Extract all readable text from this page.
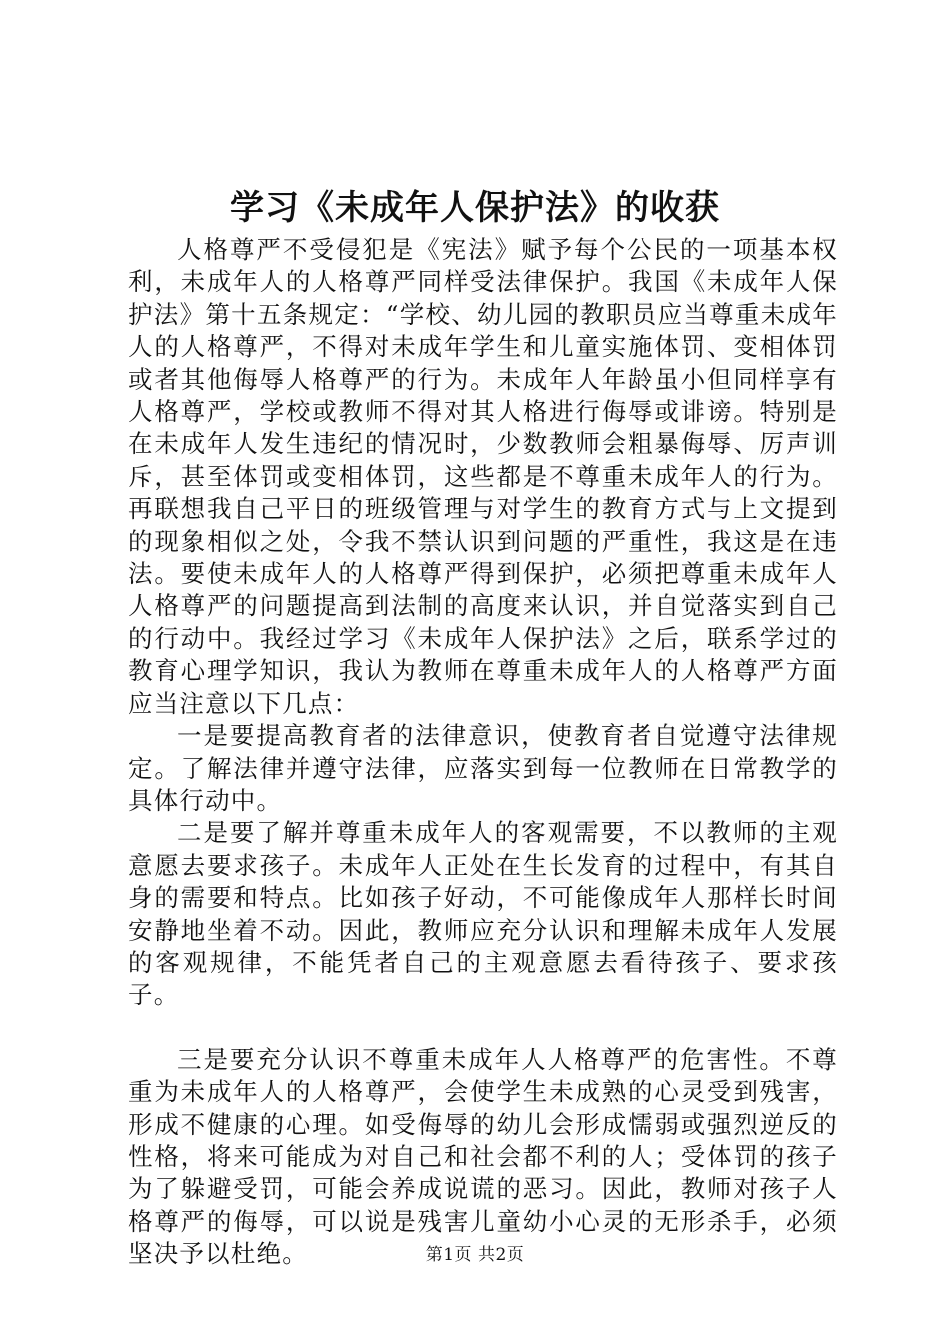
学习《未成年人保护法》的收获

人格尊严不受侵犯是《宪法》赋予每个公民的一项基本权利，未成年人的人格尊严同样受法律保护。我国《未成年人保护法》第十五条规定：“学校、幼儿园的教职员应当尊重未成年人的人格尊严，不得对未成年学生和儿童实施体罚、变相体罚或者其他侮辱人格尊严的行为。未成年人年龄虽小但同样享有人格尊严，学校或教师不得对其人格进行侮辱或诽谤。特别是在未成年人发生违纪的情况时，少数教师会粗暴侮辱、厉声训斥，甚至体罚或变相体罚，这些都是不尊重未成年人的行为。再联想我自己平日的班级管理与对学生的教育方式与上文提到的现象相似之处，令我不禁认识到问题的严重性，我这是在违法。要使未成年人的人格尊严得到保护，必须把尊重未成年人人格尊严的问题提高到法制的高度来认识，并自觉落实到自己的行动中。我经过学习《未成年人保护法》之后，联系学过的教育心理学知识，我认为教师在尊重未成年人的人格尊严方面应当注意以下几点：

一是要提高教育者的法律意识，使教育者自觉遵守法律规定。了解法律并遵守法律，应落实到每一位教师在日常教学的具体行动中。

二是要了解并尊重未成年人的客观需要，不以教师的主观意愿去要求孩子。未成年人正处在生长发育的过程中，有其自身的需要和特点。比如孩子好动，不可能像成年人那样长时间安静地坐着不动。因此，教师应充分认识和理解未成年人发展的客观规律，不能凭者自己的主观意愿去看待孩子、要求孩子。

三是要充分认识不尊重未成年人人格尊严的危害性。不尊重为未成年人的人格尊严，会使学生未成熟的心灵受到残害，形成不健康的心理。如受侮辱的幼儿会形成懦弱或强烈逆反的性格，将来可能成为对自己和社会都不利的人；受体罚的孩子为了躲避受罚，可能会养成说谎的恶习。因此，教师对孩子人格尊严的侮辱，可以说是残害儿童幼小心灵的无形杀手，必须坚决予以杜绝。	第1页 共2页
